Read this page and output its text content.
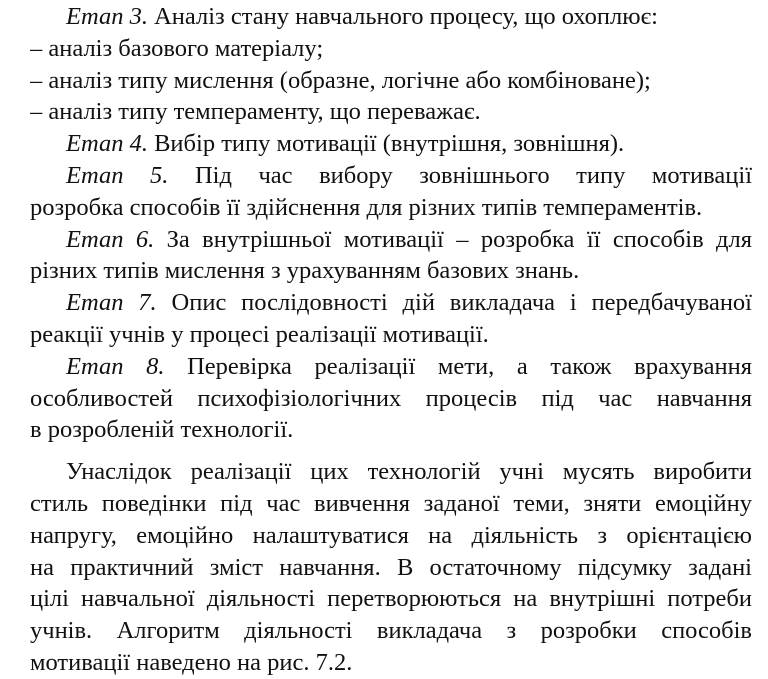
Етап 3. Аналіз стану навчального процесу, що охоплює:
– аналіз базового матеріалу;
– аналіз типу мислення (образне, логічне або комбіноване);
– аналіз типу темпераменту, що переважає.
Етап 4. Вибір типу мотивації (внутрішня, зовнішня).
Етап 5. Під час вибору зовнішнього типу мотивації
розробка способів її здійснення для різних типів темпераментів.
Етап 6. За внутрішньої мотивації – розробка її способів для
різних типів мислення з урахуванням базових знань.
Етап 7. Опис послідовності дій викладача і передбачуваної
реакції учнів у процесі реалізації мотивації.
Етап 8. Перевірка реалізації мети, а також врахування
особливостей психофізіологічних процесів під час навчання
в розробленій технології.
Унаслідок реалізації цих технологій учні мусять виробити
стиль поведінки під час вивчення заданої теми, зняти емоційну
напругу, емоційно налаштуватися на діяльність з орієнтацією
на практичний зміст навчання. В остаточному підсумку задані
цілі навчальної діяльності перетворюються на внутрішні потреби
учнів. Алгоритм діяльності викладача з розробки способів
мотивації наведено на рис. 7.2.
